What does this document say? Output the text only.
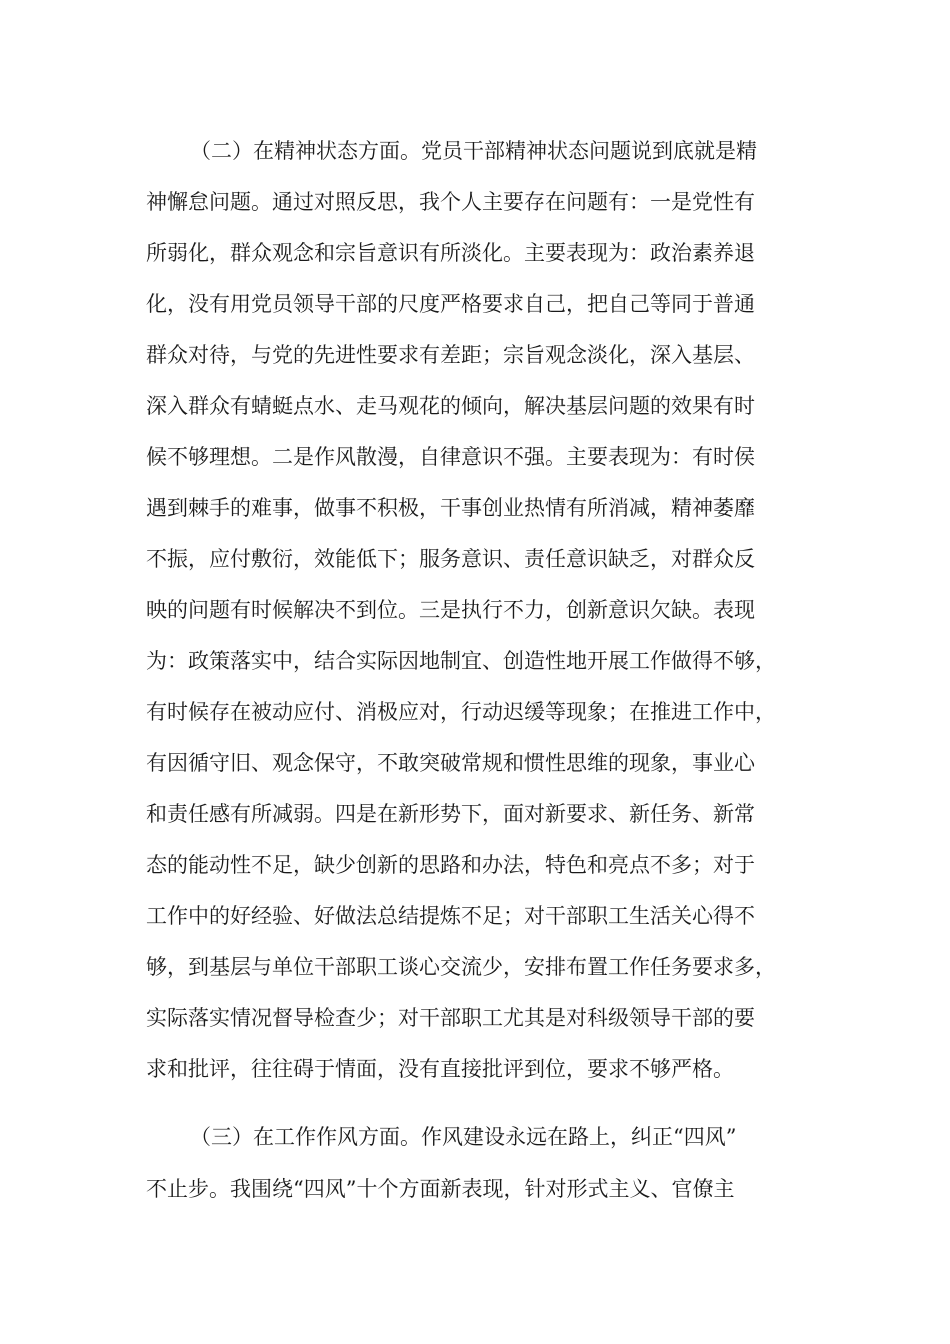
（二）在精神状态方面。党员干部精神状态问题说到底就是精
神懈怠问题。通过对照反思，我个人主要存在问题有：一是党性有
所弱化，群众观念和宗旨意识有所淡化。主要表现为：政治素养退
化，没有用党员领导干部的尺度严格要求自己，把自己等同于普通
群众对待，与党的先进性要求有差距；宗旨观念淡化，深入基层、
深入群众有蜻蜓点水、走马观花的倾向，解决基层问题的效果有时
候不够理想。二是作风散漫，自律意识不强。主要表现为：有时侯
遇到棘手的难事，做事不积极，干事创业热情有所消减，精神萎靡
不振，应付敷衍，效能低下；服务意识、责任意识缺乏，对群众反
映的问题有时候解决不到位。三是执行不力，创新意识欠缺。表现
为：政策落实中，结合实际因地制宜、创造性地开展工作做得不够，
有时候存在被动应付、消极应对，行动迟缓等现象；在推进工作中，
有因循守旧、观念保守，不敢突破常规和惯性思维的现象，事业心
和责任感有所减弱。四是在新形势下，面对新要求、新任务、新常
态的能动性不足，缺少创新的思路和办法，特色和亮点不多；对于
工作中的好经验、好做法总结提炼不足；对干部职工生活关心得不
够，到基层与单位干部职工谈心交流少，安排布置工作任务要求多，
实际落实情况督导检查少；对干部职工尤其是对科级领导干部的要
求和批评，往往碍于情面，没有直接批评到位，要求不够严格。
（三）在工作作风方面。作风建设永远在路上，纠正“四风”
不止步。我围绕“四风”十个方面新表现，针对形式主义、官僚主
